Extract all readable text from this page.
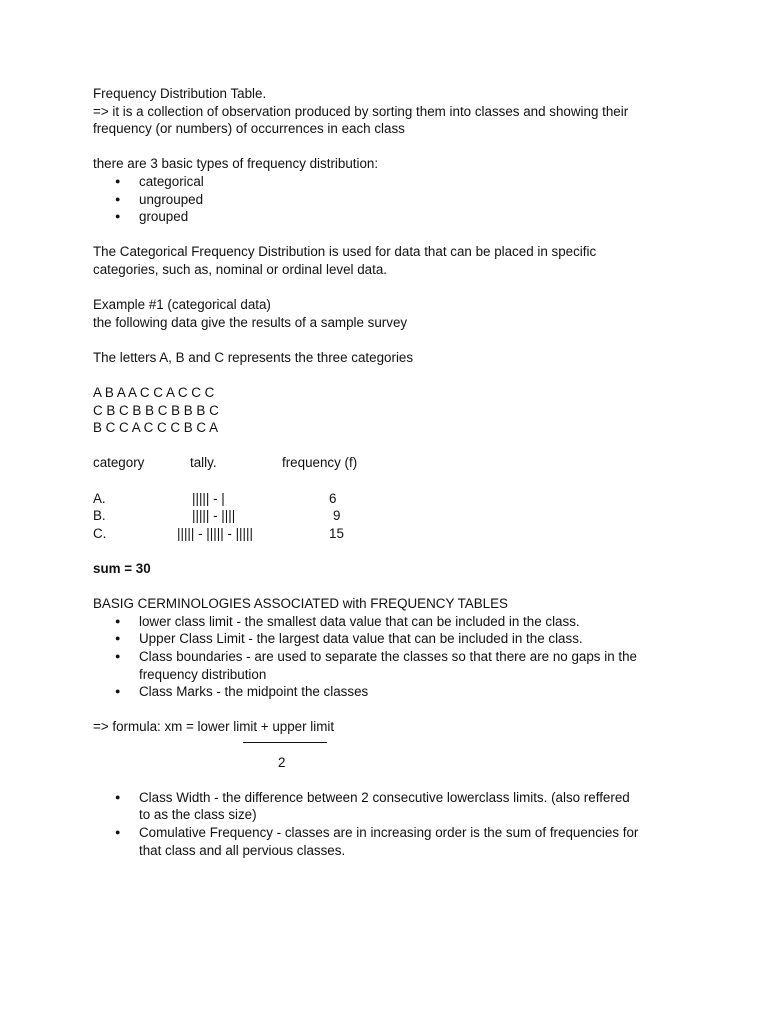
Frequency Distribution Table.

=> it is a collection of observation produced by sorting them into classes and showing their

frequency (or numbers) of occurrences in each class

there are 3 basic types of frequency distribution:

● categorical
● ungrouped
● grouped

The Categorical Frequency Distribution is used for data that can be placed in specific

categories, such as, nominal or ordinal level data.

Example #1 (categorical data)

the following data give the results of a sample survey

The letters A, B and C represents the three categories

A B A A C C A C C C

C B C B B C B B B C

B C C A C C C B C A

category	tally.	frequency (f)
A.	||||| - |	6
B.	||||| - ||||	9
C.	||||| - ||||| - |||||	15

sum = 30

BASIG CERMINOLOGIES ASSOCIATED with FREQUENCY TABLES

● lower class limit - the smallest data value that can be included in the class.
● Upper Class Limit - the largest data value that can be included in the class.
● Class boundaries - are used to separate the classes so that there are no gaps in the
frequency distribution
● Class Marks - the midpoint the classes

=> formula: xm = lower limit + upper limit

2
● Class Width - the difference between 2 consecutive lowerclass limits. (also reffered
to as the class size)
● Comulative Frequency - classes are in increasing order is the sum of frequencies for
that class and all pervious classes.
